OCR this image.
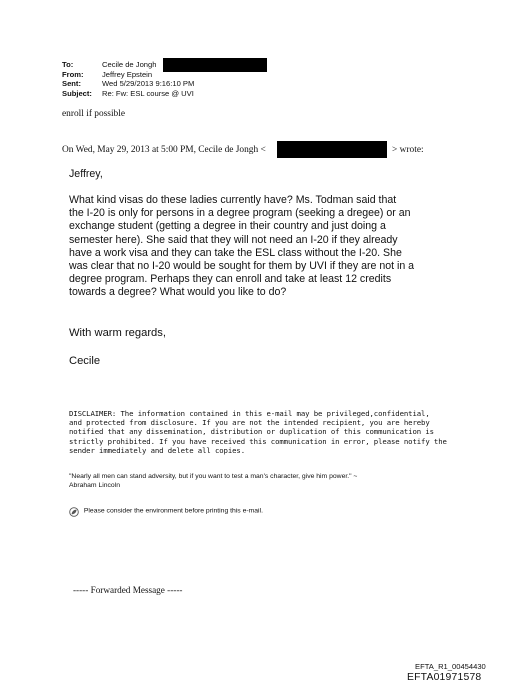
To:	Cecile de Jongh
From: Jeffrey Epstein
Sent:	Wed 5/29/2013 9:16:10 PM
Subject: Re: Fw: ESL course @ UVI
enroll if possible
On Wed, May 29, 2013 at 5:00 PM, Cecile de Jongh <	> wrote:
Jeffrey,
What kind visas do these ladies currently have? Ms. Todman said that
the I-20 is only for persons in a degree program (seeking a dregee) or an
exchange student (getting a degree in their country and just doing a
semester here). She said that they will not need an I-20 if they already
have a work visa and they can take the ESL class without the I-20. She
was clear that no I-20 would be sought for them by UVI if they are not in a
degree program. Perhaps they can enroll and take at least 12 credits
towards a degree? What would you like to do?
With warm regards,
Cecile
DISCLAIMER: The information contained in this e-mail may be privileged,confidential,
and protected from disclosure. If you are not the intended recipient, you are hereby
notified that any dissemination, distribution or duplication of this communication is
strictly prohibited. If you have received this communication in error, please notify the
sender immediately and delete all copies.
"Nearly all men can stand adversity, but if you want to test a man's character, give him power." ~
Abraham Lincoln
Please consider the environment before printing this e-mail.
----- Forwarded Message -----
EFTA_R1_00454430
EFTA01971578
